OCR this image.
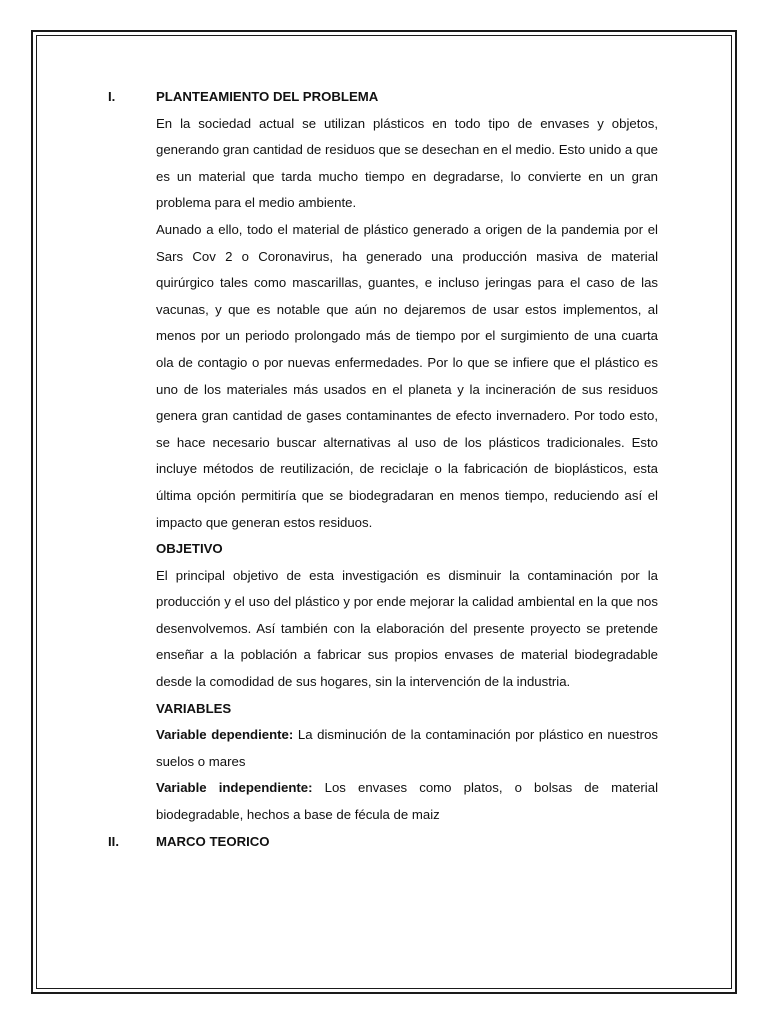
I.	PLANTEAMIENTO DEL PROBLEMA

En la sociedad actual se utilizan plásticos en todo tipo de envases y objetos, generando gran cantidad de residuos que se desechan en el medio. Esto unido a que es un material que tarda mucho tiempo en degradarse, lo convierte en un gran problema para el medio ambiente.

Aunado a ello, todo el material de plástico generado a origen de la pandemia por el Sars Cov 2 o Coronavirus, ha generado una producción masiva de material quirúrgico tales como mascarillas, guantes, e incluso jeringas para el caso de las vacunas, y que es notable que aún no dejaremos de usar estos implementos, al menos por un periodo prolongado más de tiempo por el surgimiento de una cuarta ola de contagio o por nuevas enfermedades. Por lo que se infiere que el plástico es uno de los materiales más usados en el planeta y la incineración de sus residuos genera gran cantidad de gases contaminantes de efecto invernadero. Por todo esto, se hace necesario buscar alternativas al uso de los plásticos tradicionales. Esto incluye métodos de reutilización, de reciclaje o la fabricación de bioplásticos, esta última opción permitiría que se biodegradaran en menos tiempo, reduciendo así el impacto que generan estos residuos.

OBJETIVO

El principal objetivo de esta investigación es disminuir la contaminación por la producción y el uso del plástico y por ende mejorar la calidad ambiental en la que nos desenvolvemos. Así también con la elaboración del presente proyecto se pretende enseñar a la población a fabricar sus propios envases de material biodegradable desde la comodidad de sus hogares, sin la intervención de la industria.

VARIABLES

Variable dependiente: La disminución de la contaminación por plástico en nuestros suelos o mares

Variable independiente: Los envases como platos, o bolsas de material biodegradable, hechos a base de fécula de maiz

II.	MARCO TEORICO
